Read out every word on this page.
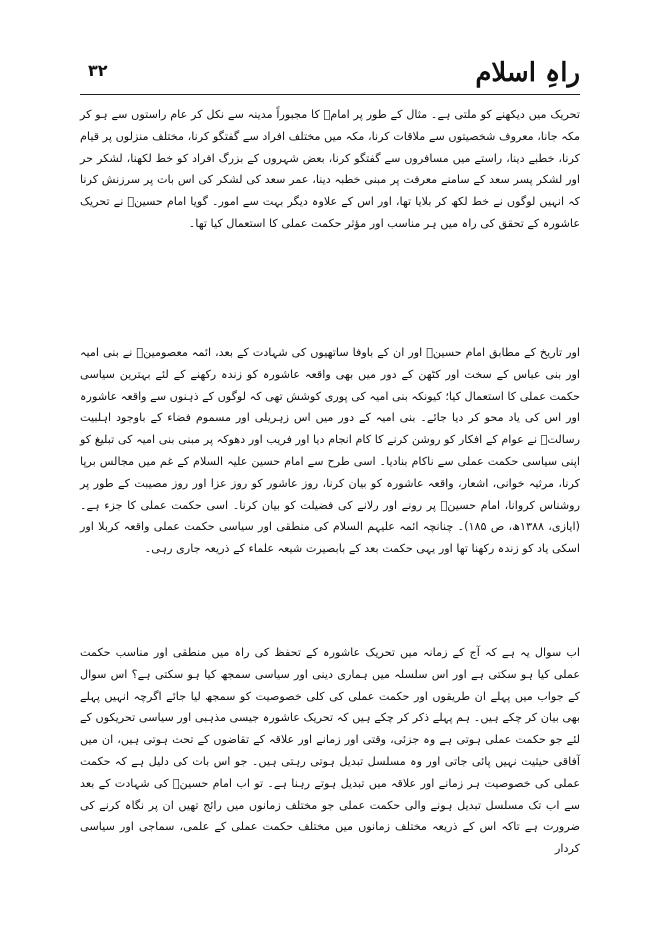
راہِ اسلام
۳۲

تحریک میں دیکھنے کو ملتی ہے۔ مثال کے طور پر امامؑ کا مجبوراً مدینہ سے نکل کر عام راستوں سے ہو کر مکہ جانا، معروف شخصیتوں سے ملاقات کرنا، مکہ میں مختلف افراد سے گفتگو کرنا، مختلف منزلوں پر قیام کرنا، خطبے دینا، راستے میں مسافروں سے گفتگو کرنا، بعض شہروں کے بزرگ افراد کو خط لکھنا، لشکر حر اور لشکر پسر سعد کے سامنے معرفت پر مبنی خطبہ دینا، عمر سعد کی لشکر کی اس بات پر سرزنش کرنا کہ انہیں لوگوں نے خط لکھ کر بلایا تھا، اور اس کے علاوہ دیگر بہت سے امور۔ گویا امام حسینؑ نے تحریک عاشورہ کے تحقق کی راہ میں ہر مناسب اور مؤثر حکمت عملی کا استعمال کیا تھا۔

اور تاریخ کے مطابق امام حسینؑ اور ان کے باوفا ساتھیوں کی شہادت کے بعد، ائمہ معصومینؑ نے بنی امیہ اور بنی عباس کے سخت اور کٹھن کے دور میں بھی واقعہ عاشورہ کو زندہ رکھنے کے لئے بہترین سیاسی حکمت عملی کا استعمال کیا؛ کیونکہ بنی امیہ کی پوری کوشش تھی کہ لوگوں کے ذہنوں سے واقعہ عاشورہ اور اس کی یاد محو کر دیا جائے۔ بنی امیہ کے دور میں اس زہریلی اور مسموم فضاء کے باوجود اہلبیت رسالتؑ نے عوام کے افکار کو روشن کرنے کا کام انجام دیا اور فریب اور دھوکہ پر مبنی بنی امیہ کی تبلیغ کو اپنی سیاسی حکمت عملی سے ناکام بنادیا۔ اسی طرح سے امام حسین علیہ السلام کے غم میں مجالس برپا کرنا، مرثیہ خوانی، اشعار، واقعہ عاشورہ کو بیان کرنا، روز عاشور کو روز عزا اور روز مصیبت کے طور پر روشناس کروانا، امام حسینؑ پر رونے اور رلانے کی فضیلت کو بیان کرنا۔ اسی حکمت عملی کا جزء ہے۔ (ایازی، ۱۳۸۸ھ، ص ۱۸۵)۔ چنانچہ ائمہ علیہم السلام کی منطقی اور سیاسی حکمت عملی واقعہ کربلا اور اسکی یاد کو زندہ رکھنا تھا اور یہی حکمت بعد کے بابصیرت شیعہ علماء کے ذریعہ جاری رہی۔

اب سوال یہ ہے کہ آج کے زمانہ میں تحریک عاشورہ کے تحفظ کی راہ میں منطقی اور مناسب حکمت عملی کیا ہو سکتی ہے اور اس سلسلہ میں ہماری دینی اور سیاسی سمجھ کیا ہو سکتی ہے؟ اس سوال کے جواب میں پہلے ان طریقوں اور حکمت عملی کی کلی خصوصیت کو سمجھ لیا جائے اگرچہ انہیں پہلے بھی بیان کر چکے ہیں۔ ہم پہلے ذکر کر چکے ہیں کہ تحریک عاشورہ جیسی مذہبی اور سیاسی تحریکوں کے لئے جو حکمت عملی ہوتی ہے وہ جزئی، وقتی اور زمانے اور علاقہ کے تقاضوں کے تحت ہوتی ہیں، ان میں آفاقی حیثیت نہیں پائی جاتی اور وہ مسلسل تبدیل ہوتی رہتی ہیں۔ جو اس بات کی دلیل ہے کہ حکمت عملی کی خصوصیت ہر زمانے اور علاقہ میں تبدیل ہوتے رہنا ہے۔ تو اب امام حسینؑ کی شہادت کے بعد سے اب تک مسلسل تبدیل ہونے والی حکمت عملی جو مختلف زمانوں میں رائج تھیں ان پر نگاہ کرنے کی ضرورت ہے تاکہ اس کے ذریعہ مختلف زمانوں میں مختلف حکمت عملی کے علمی، سماجی اور سیاسی کردار
